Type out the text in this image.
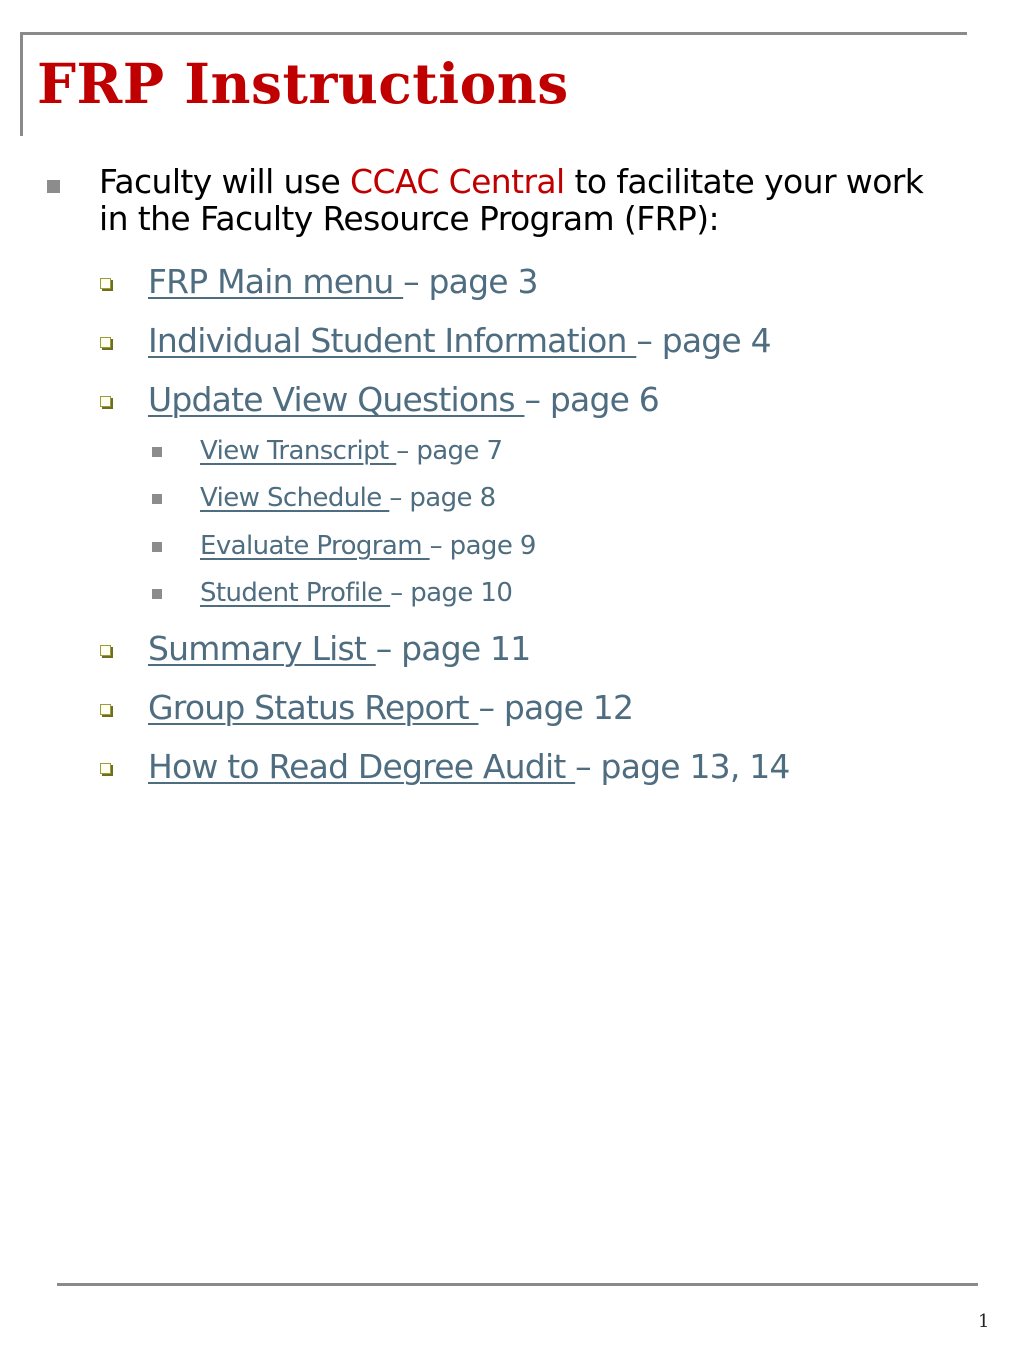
FRP Instructions
Faculty will use CCAC Central to facilitate your work in the Faculty Resource Program (FRP):
FRP Main menu – page 3
Individual Student Information – page 4
Update View Questions – page 6
View Transcript – page 7
View Schedule – page 8
Evaluate Program – page 9
Student Profile – page 10
Summary List – page 11
Group Status Report – page 12
How to Read Degree Audit – page 13, 14
1
